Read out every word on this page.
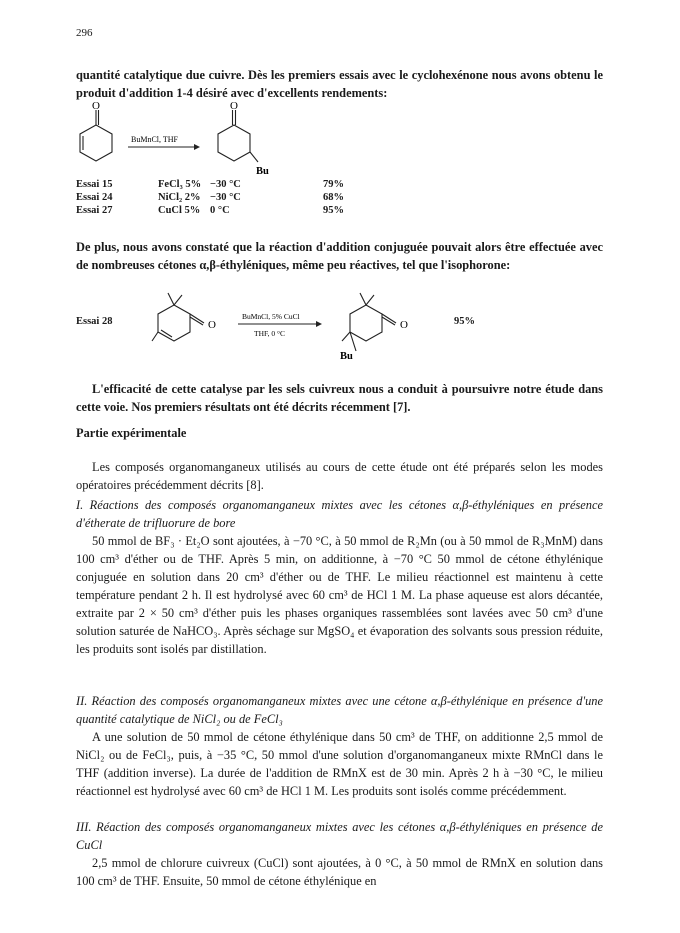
296

quantité catalytique due cuivre. Dès les premiers essais avec le cyclohexénone nous avons obtenu le produit d'addition 1-4 désiré avec d'excellents rendements:

O
BuMnCl, THF
O
Bu
Essai 15	FeCl₃ 5% −30 °C	79%
Essai 24	NiCl₂ 2% −30 °C	68%
Essai 27	CuCl 5% 0 °C	95%

De plus, nous avons constaté que la réaction d'addition conjuguée pouvait alors être effectuée avec de nombreuses cétones α,β-éthyléniques, même peu réactives, tel que l'isophorone:

Essai 28	O
BuMnCl, 5% CuCl
THF, 0 °C
O
Bu
95%

L'efficacité de cette catalyse par les sels cuivreux nous a conduit à poursuivre notre étude dans cette voie. Nos premiers résultats ont été décrits récemment [7].

Partie expérimentale

Les composés organomanganeux utilisés au cours de cette étude ont été préparés selon les modes opératoires précédemment décrits [8].

I. Réactions des composés organomanganeux mixtes avec les cétones α,β-éthyléniques en présence d'étherate de trifluorure de bore

50 mmol de BF₃ · Et₂O sont ajoutées, à −70 °C, à 50 mmol de R₂Mn (ou à 50 mmol de R₃MnM) dans 100 cm³ d'éther ou de THF. Après 5 min, on additionne, à −70 °C 50 mmol de cétone éthylénique conjuguée en solution dans 20 cm³ d'éther ou de THF. Le milieu réactionnel est maintenu à cette température pendant 2 h. Il est hydrolysé avec 60 cm³ de HCl 1 M. La phase aqueuse est alors décantée, extraite par 2 × 50 cm³ d'éther puis les phases organiques rassemblées sont lavées avec 50 cm³ d'une solution saturée de NaHCO₃. Après séchage sur MgSO₄ et évaporation des solvants sous pression réduite, les produits sont isolés par distillation.

II. Réaction des composés organomanganeux mixtes avec une cétone α,β-éthylénique en présence d'une quantité catalytique de NiCl₂ ou de FeCl₃

A une solution de 50 mmol de cétone éthylénique dans 50 cm³ de THF, on additionne 2,5 mmol de NiCl₂ ou de FeCl₃, puis, à −35 °C, 50 mmol d'une solution d'organomanganeux mixte RMnCl dans le THF (addition inverse). La durée de l'addition de RMnX est de 30 min. Après 2 h à −30 °C, le milieu réactionnel est hydrolysé avec 60 cm³ de HCl 1 M. Les produits sont isolés comme précédemment.

III. Réaction des composés organomanganeux mixtes avec les cétones α,β-éthyléniques en présence de CuCl

2,5 mmol de chlorure cuivreux (CuCl) sont ajoutées, à 0 °C, à 50 mmol de RMnX en solution dans 100 cm³ de THF. Ensuite, 50 mmol de cétone éthylénique en
